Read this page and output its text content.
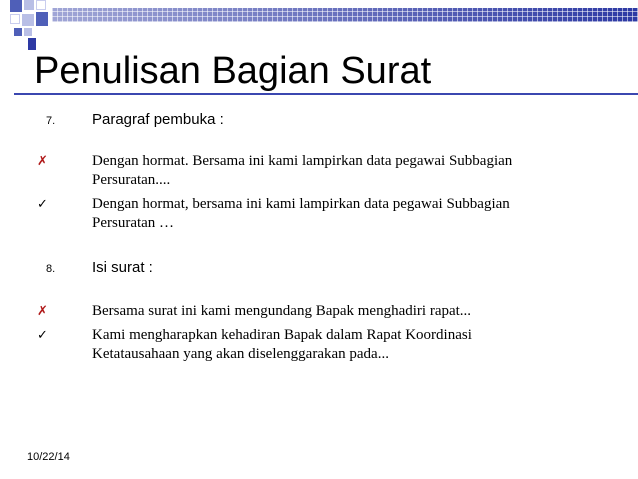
Penulisan Bagian Surat
7. Paragraf pembuka :
✗	Dengan hormat. Bersama ini kami lampirkan data pegawai Subbagian Persuratan....
✓	Dengan hormat, bersama ini kami lampirkan data pegawai Subbagian Persuratan …
8. Isi surat :
✗	Bersama surat ini kami mengundang Bapak menghadiri rapat...
✓	Kami mengharapkan kehadiran Bapak dalam Rapat Koordinasi Ketatausahaan yang akan diselenggarakan pada...
10/22/14
